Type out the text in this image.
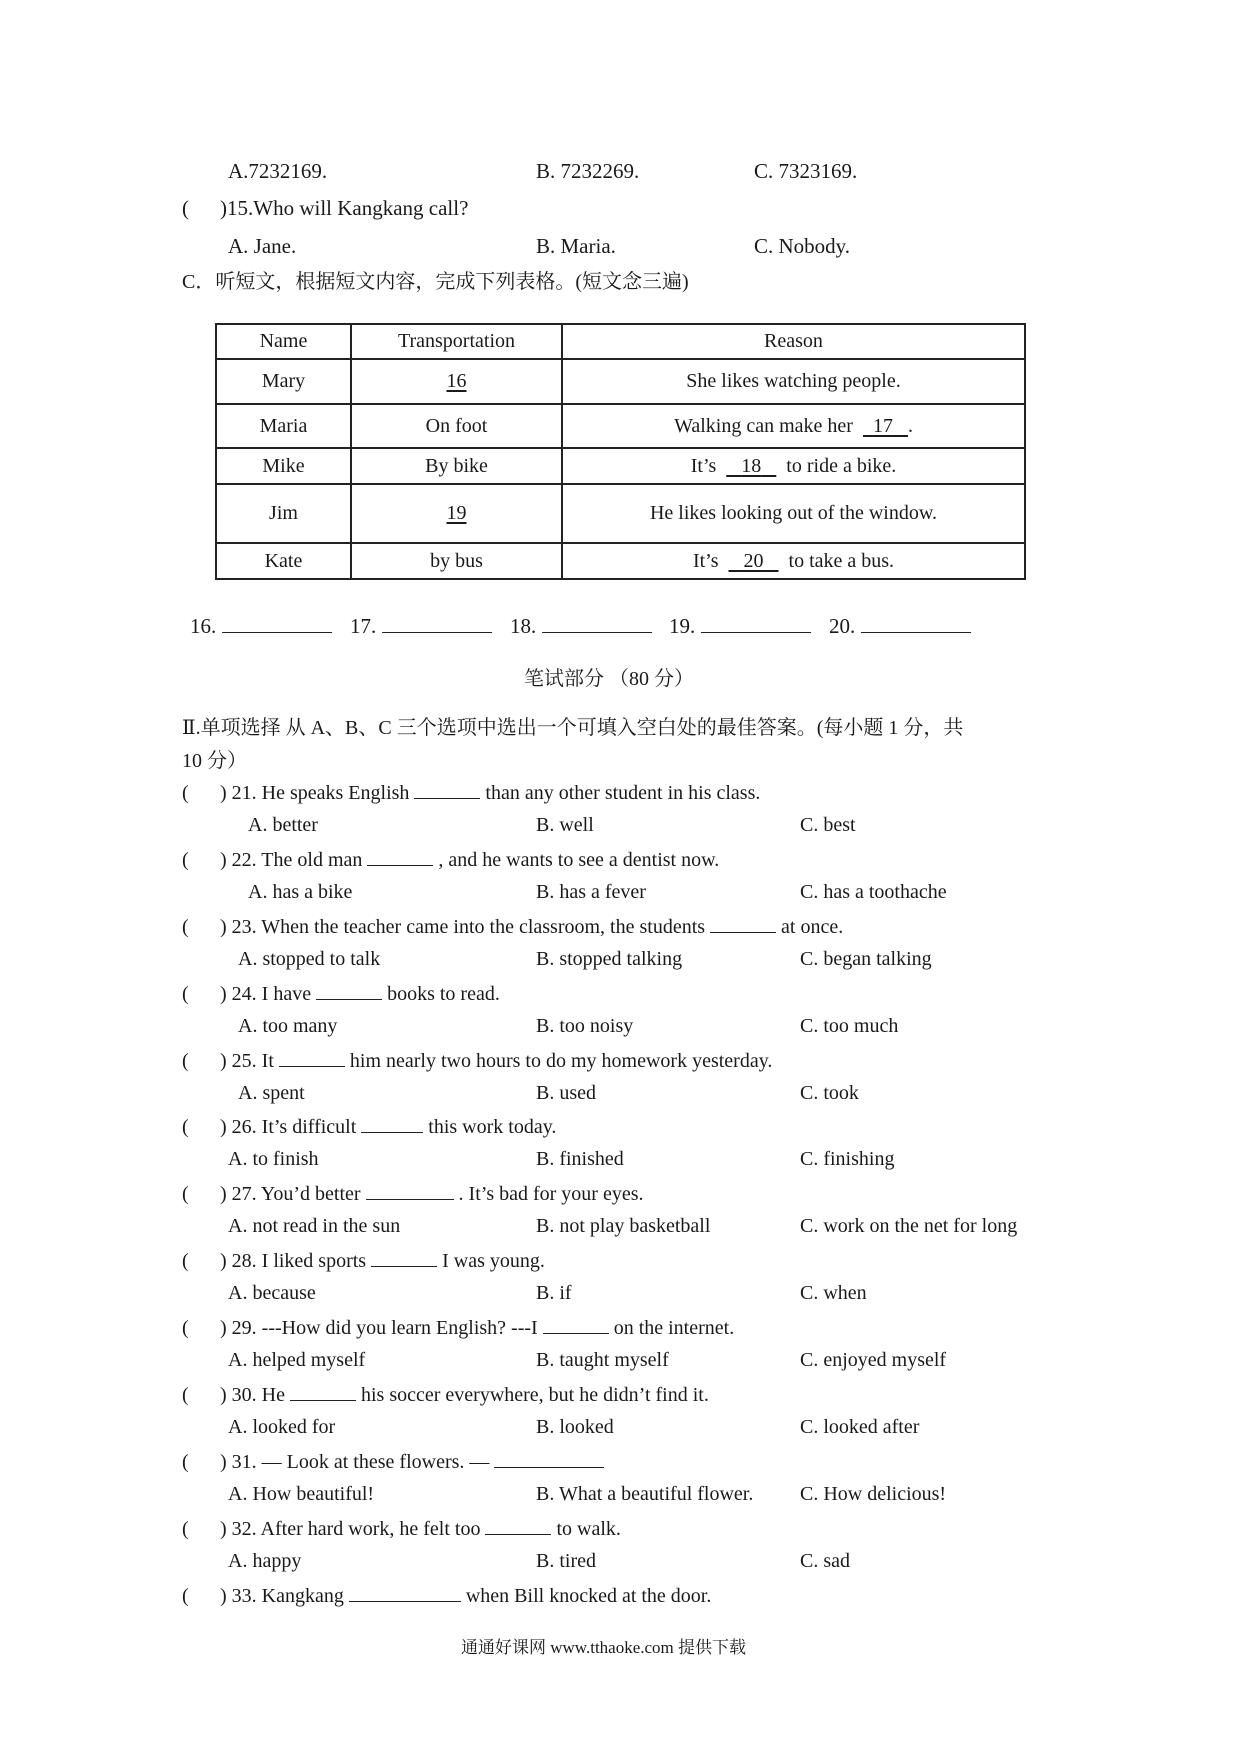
A.7232169.	B. 7232269.	C. 7323169.
( )15.Who will Kangkang call?
A. Jane.	B. Maria.	C. Nobody.
C．听短文，根据短文内容，完成下列表格。(短文念三遍)
Name	Transportation	Reason
Mary	16	She likes watching people.
Maria	On foot	Walking can make her 17 .
Mike	By bike	It’s 18 to ride a bike.
Jim	19	He likes looking out of the window.
Kate	by bus	It’s 20 to take a bus.
16.	17.	18.	19.	20.
笔试部分 （80 分）
Ⅱ.单项选择 从 A、B、C 三个选项中选出一个可填入空白处的最佳答案。(每小题 1 分，共
10 分）
( ) 21. He speaks English	than any other student in his class.
A. better	B. well	C. best
( ) 22. The old man	, and he wants to see a dentist now.
A. has a bike	B. has a fever	C. has a toothache
( ) 23. When the teacher came into the classroom, the students	at once.
A. stopped to talk	B. stopped talking	C. began talking
( ) 24. I have	books to read.
A. too many	B. too noisy	C. too much
( ) 25. It	him nearly two hours to do my homework yesterday.
A. spent	B. used	C. took
( ) 26. It’s difficult	this work today.
A. to finish	B. finished	C. finishing
( ) 27. You’d better	. It’s bad for your eyes.
A. not read in the sun	B. not play basketball	C. work on the net for long
( ) 28. I liked sports	I was young.
A. because	B. if	C. when
( ) 29. ---How did you learn English? ---I	on the internet.
A. helped myself	B. taught myself	C. enjoyed myself
( ) 30. He	his soccer everywhere, but he didn’t find it.
A. looked for	B. looked	C. looked after
( ) 31. — Look at these flowers. —
A. How beautiful!	B. What a beautiful flower. C. How delicious!
( ) 32. After hard work, he felt too	to walk.
A. happy	B. tired	C. sad
( ) 33. Kangkang	when Bill knocked at the door.
通通好课网 www.tthaoke.com 提供下载
